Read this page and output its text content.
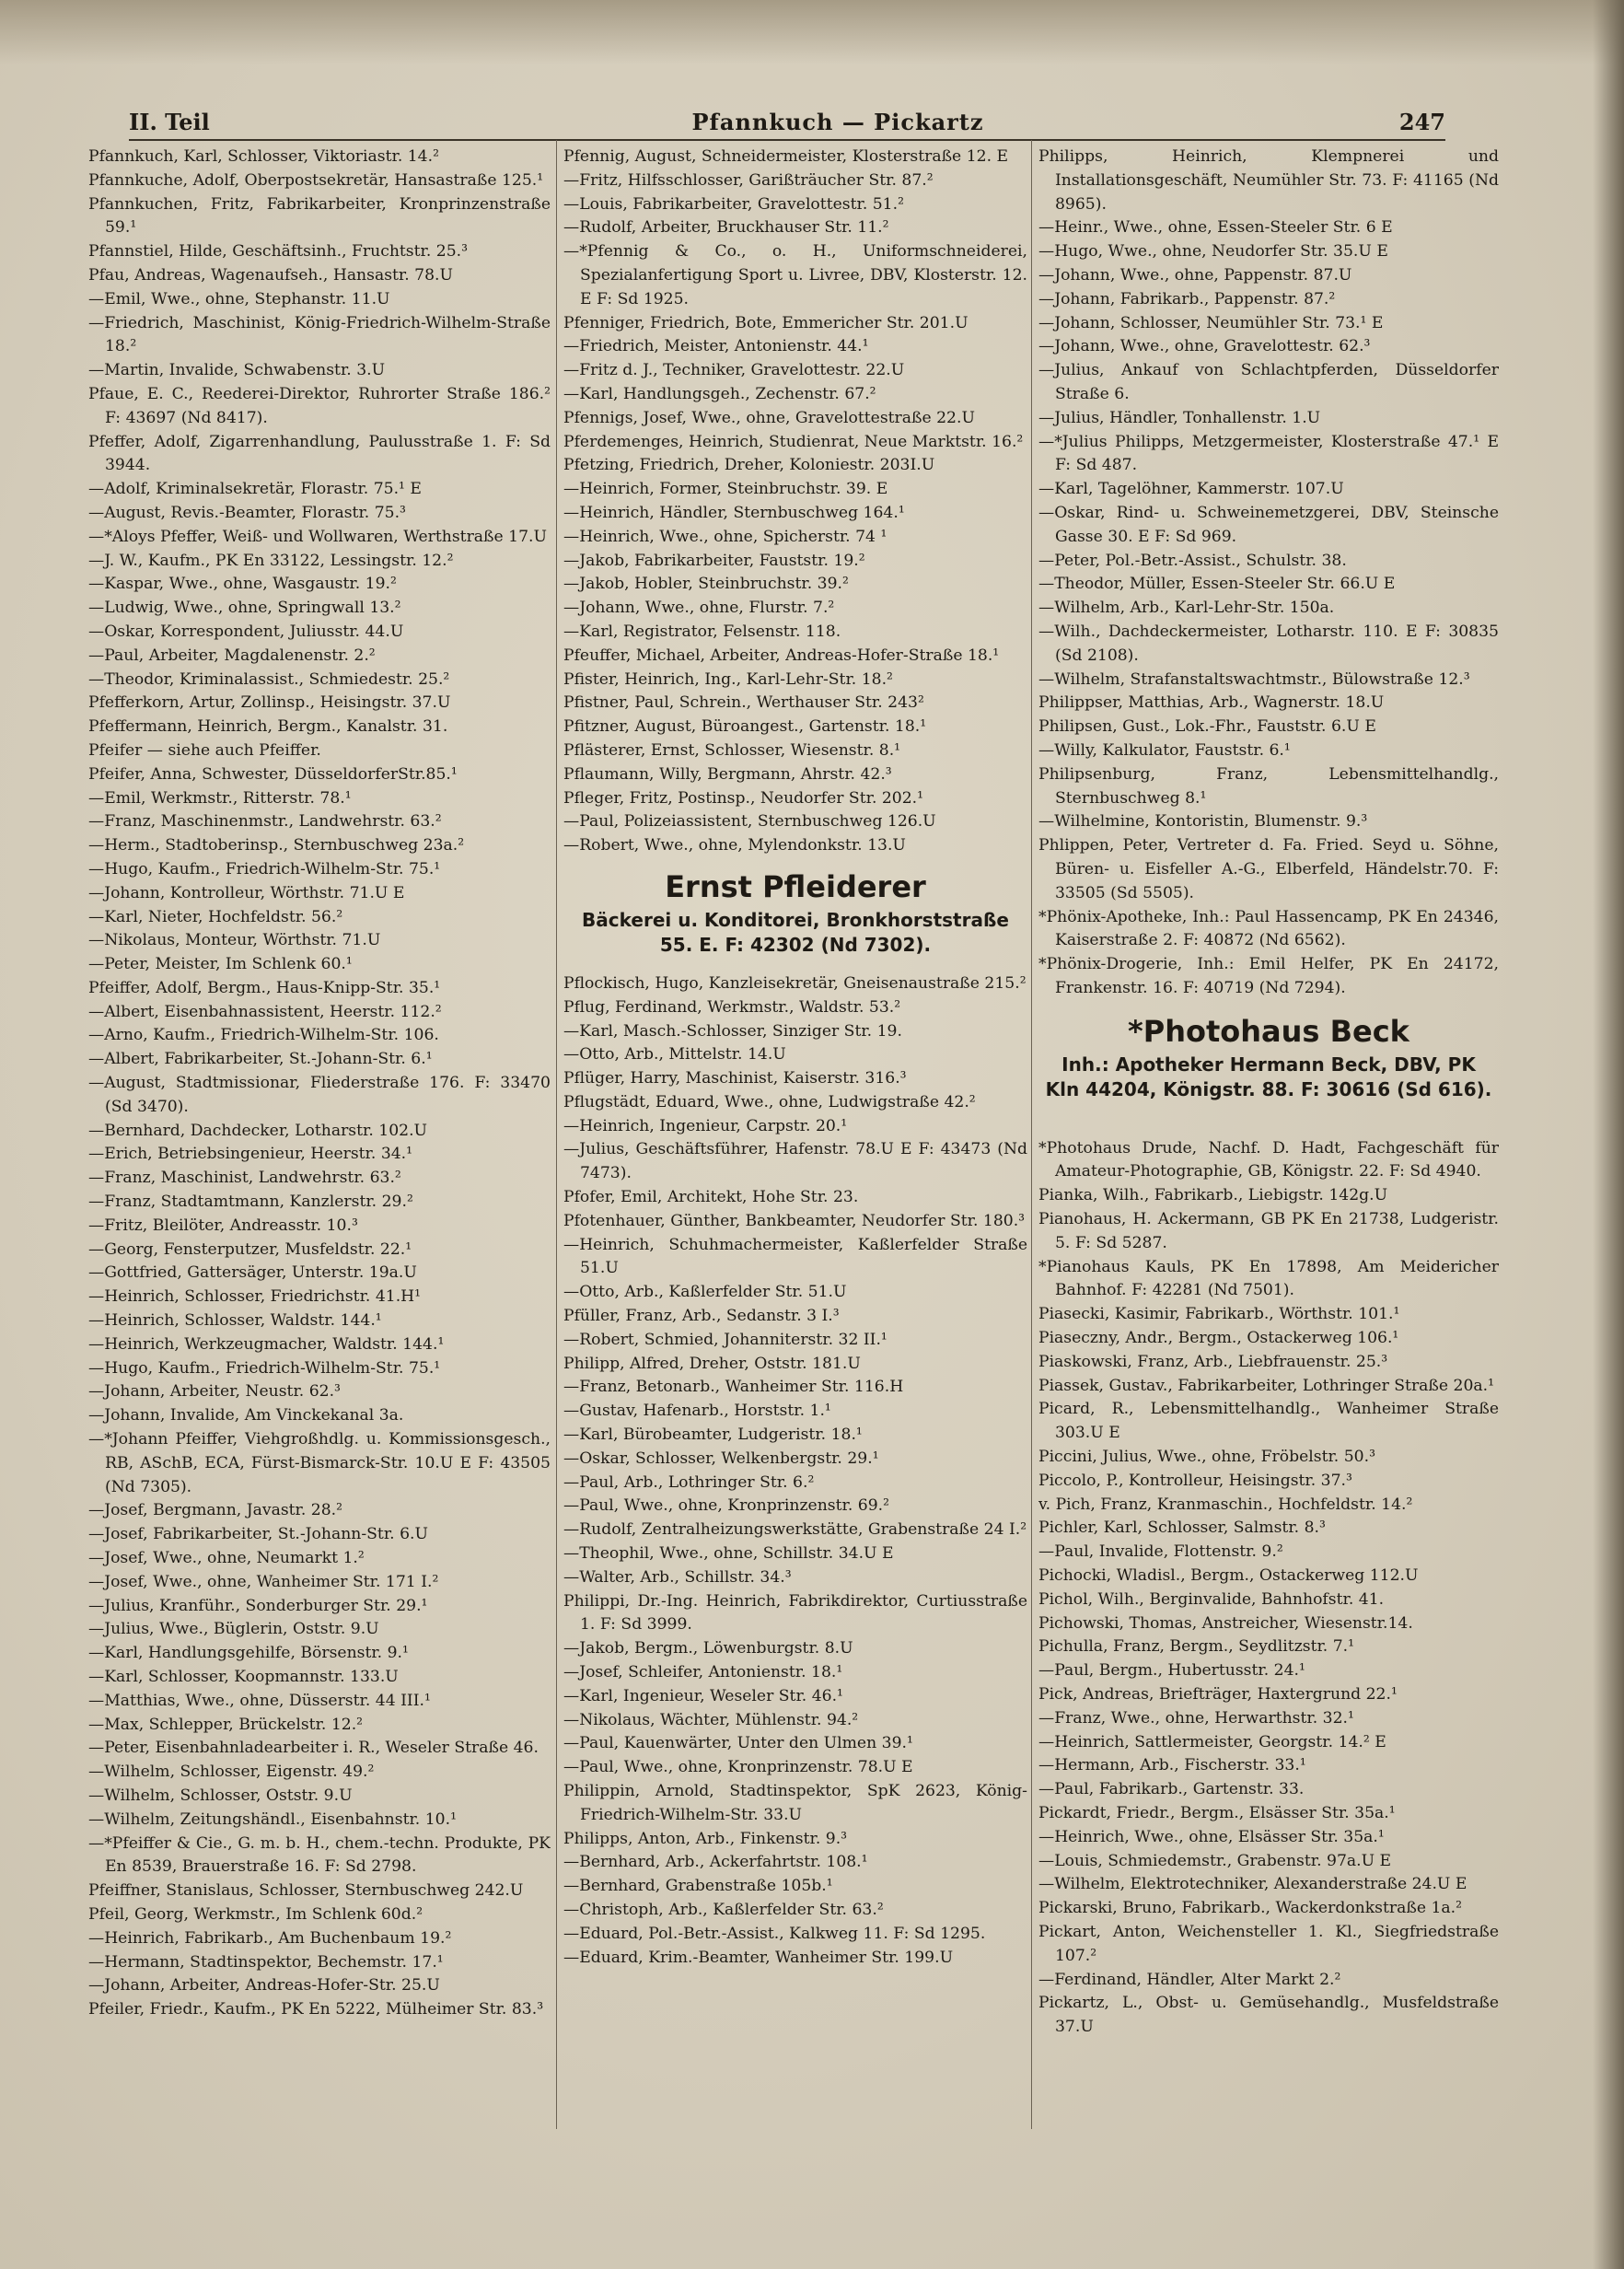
II. Teil	Pfannkuch — Pickartz	247

Pfannkuch, Karl, Schlosser, Viktoriastr. 14.²

Pfannkuche, Adolf, Oberpostsekretär, Hansastraße 125.¹

Pfannkuchen, Fritz, Fabrikarbeiter, Kronprinzenstraße 59.¹

Pfannstiel, Hilde, Geschäftsinh., Fruchtstr. 25.³

Pfau, Andreas, Wagenaufseh., Hansastr. 78.U

—Emil, Wwe., ohne, Stephanstr. 11.U

—Friedrich, Maschinist, König-Friedrich-Wilhelm-Straße 18.²

—Martin, Invalide, Schwabenstr. 3.U

Pfaue, E. C., Reederei-Direktor, Ruhrorter Straße 186.² F: 43697 (Nd 8417).

Pfeffer, Adolf, Zigarrenhandlung, Paulusstraße 1. F: Sd 3944.

—Adolf, Kriminalsekretär, Florastr. 75.¹ E

—August, Revis.-Beamter, Florastr. 75.³

—*Aloys Pfeffer, Weiß- und Wollwaren, Werthstraße 17.U

—J. W., Kaufm., PK En 33122, Lessingstr. 12.²

—Kaspar, Wwe., ohne, Wasgaustr. 19.²

—Ludwig, Wwe., ohne, Springwall 13.²

—Oskar, Korrespondent, Juliusstr. 44.U

—Paul, Arbeiter, Magdalenenstr. 2.²

—Theodor, Kriminalassist., Schmiedestr. 25.²

Pfefferkorn, Artur, Zollinsp., Heisingstr. 37.U

Pfeffermann, Heinrich, Bergm., Kanalstr. 31.

Pfeifer — siehe auch Pfeiffer.

Pfeifer, Anna, Schwester, DüsseldorferStr.85.¹

—Emil, Werkmstr., Ritterstr. 78.¹

—Franz, Maschinenmstr., Landwehrstr. 63.²

—Herm., Stadtoberinsp., Sternbuschweg 23a.²

—Hugo, Kaufm., Friedrich-Wilhelm-Str. 75.¹

—Johann, Kontrolleur, Wörthstr. 71.U E

—Karl, Nieter, Hochfeldstr. 56.²

—Nikolaus, Monteur, Wörthstr. 71.U

—Peter, Meister, Im Schlenk 60.¹

Pfeiffer, Adolf, Bergm., Haus-Knipp-Str. 35.¹

—Albert, Eisenbahnassistent, Heerstr. 112.²

—Arno, Kaufm., Friedrich-Wilhelm-Str. 106.

—Albert, Fabrikarbeiter, St.-Johann-Str. 6.¹

—August, Stadtmissionar, Fliederstraße 176. F: 33470 (Sd 3470).

—Bernhard, Dachdecker, Lotharstr. 102.U

—Erich, Betriebsingenieur, Heerstr. 34.¹

—Franz, Maschinist, Landwehrstr. 63.²

—Franz, Stadtamtmann, Kanzlerstr. 29.²

—Fritz, Bleilöter, Andreasstr. 10.³

—Georg, Fensterputzer, Musfeldstr. 22.¹

—Gottfried, Gattersäger, Unterstr. 19a.U

—Heinrich, Schlosser, Friedrichstr. 41.H¹

—Heinrich, Schlosser, Waldstr. 144.¹

—Heinrich, Werkzeugmacher, Waldstr. 144.¹

—Hugo, Kaufm., Friedrich-Wilhelm-Str. 75.¹

—Johann, Arbeiter, Neustr. 62.³

—Johann, Invalide, Am Vinckekanal 3a.

—*Johann Pfeiffer, Viehgroßhdlg. u. Kommissionsgesch., RB, ASchB, ECA, Fürst-Bismarck-Str. 10.U E F: 43505 (Nd 7305).

—Josef, Bergmann, Javastr. 28.²

—Josef, Fabrikarbeiter, St.-Johann-Str. 6.U

—Josef, Wwe., ohne, Neumarkt 1.²

—Josef, Wwe., ohne, Wanheimer Str. 171 I.²

—Julius, Kranführ., Sonderburger Str. 29.¹

—Julius, Wwe., Büglerin, Oststr. 9.U

—Karl, Handlungsgehilfe, Börsenstr. 9.¹

—Karl, Schlosser, Koopmannstr. 133.U

—Matthias, Wwe., ohne, Düsserstr. 44 III.¹

—Max, Schlepper, Brückelstr. 12.²

—Peter, Eisenbahnladearbeiter i. R., Weseler Straße 46.

—Wilhelm, Schlosser, Eigenstr. 49.²

—Wilhelm, Schlosser, Oststr. 9.U

—Wilhelm, Zeitungshändl., Eisenbahnstr. 10.¹

—*Pfeiffer & Cie., G. m. b. H., chem.-techn. Produkte, PK En 8539, Brauerstraße 16. F: Sd 2798.

Pfeiffner, Stanislaus, Schlosser, Sternbuschweg 242.U

Pfeil, Georg, Werkmstr., Im Schlenk 60d.²

—Heinrich, Fabrikarb., Am Buchenbaum 19.²

—Hermann, Stadtinspektor, Bechemstr. 17.¹

—Johann, Arbeiter, Andreas-Hofer-Str. 25.U

Pfeiler, Friedr., Kaufm., PK En 5222, Mülheimer Str. 83.³

Pfennig, August, Schneidermeister, Klosterstraße 12. E

—Fritz, Hilfsschlosser, Garißträucher Str. 87.²

—Louis, Fabrikarbeiter, Gravelottestr. 51.²

—Rudolf, Arbeiter, Bruckhauser Str. 11.²

—*Pfennig & Co., o. H., Uniformschneiderei, Spezialanfertigung Sport u. Livree, DBV, Klosterstr. 12. E F: Sd 1925.

Pfenniger, Friedrich, Bote, Emmericher Str. 201.U

—Friedrich, Meister, Antonienstr. 44.¹

—Fritz d. J., Techniker, Gravelottestr. 22.U

—Karl, Handlungsgeh., Zechenstr. 67.²

Pfennigs, Josef, Wwe., ohne, Gravelottestraße 22.U

Pferdemenges, Heinrich, Studienrat, Neue Marktstr. 16.²

Pfetzing, Friedrich, Dreher, Koloniestr. 203I.U

—Heinrich, Former, Steinbruchstr. 39. E

—Heinrich, Händler, Sternbuschweg 164.¹

—Heinrich, Wwe., ohne, Spicherstr. 74 ¹

—Jakob, Fabrikarbeiter, Fauststr. 19.²

—Jakob, Hobler, Steinbruchstr. 39.²

—Johann, Wwe., ohne, Flurstr. 7.²

—Karl, Registrator, Felsenstr. 118.

Pfeuffer, Michael, Arbeiter, Andreas-Hofer-Straße 18.¹

Pfister, Heinrich, Ing., Karl-Lehr-Str. 18.²

Pfistner, Paul, Schrein., Werthauser Str. 243²

Pfitzner, August, Büroangest., Gartenstr. 18.¹

Pflästerer, Ernst, Schlosser, Wiesenstr. 8.¹

Pflaumann, Willy, Bergmann, Ahrstr. 42.³

Pfleger, Fritz, Postinsp., Neudorfer Str. 202.¹

—Paul, Polizeiassistent, Sternbuschweg 126.U

—Robert, Wwe., ohne, Mylendonkstr. 13.U

Ernst Pfleiderer
Bäckerei u. Konditorei, Bronkhorststraße 55. E. F: 42302 (Nd 7302).

Pflockisch, Hugo, Kanzleisekretär, Gneisenaustraße 215.²

Pflug, Ferdinand, Werkmstr., Waldstr. 53.²

—Karl, Masch.-Schlosser, Sinziger Str. 19.

—Otto, Arb., Mittelstr. 14.U

Pflüger, Harry, Maschinist, Kaiserstr. 316.³

Pflugstädt, Eduard, Wwe., ohne, Ludwigstraße 42.²

—Heinrich, Ingenieur, Carpstr. 20.¹

—Julius, Geschäftsführer, Hafenstr. 78.U E F: 43473 (Nd 7473).

Pfofer, Emil, Architekt, Hohe Str. 23.

Pfotenhauer, Günther, Bankbeamter, Neudorfer Str. 180.³

—Heinrich, Schuhmachermeister, Kaßlerfelder Straße 51.U

—Otto, Arb., Kaßlerfelder Str. 51.U

Pfüller, Franz, Arb., Sedanstr. 3 I.³

—Robert, Schmied, Johanniterstr. 32 II.¹

Philipp, Alfred, Dreher, Oststr. 181.U

—Franz, Betonarb., Wanheimer Str. 116.H

—Gustav, Hafenarb., Horststr. 1.¹

—Karl, Bürobeamter, Ludgeristr. 18.¹

—Oskar, Schlosser, Welkenbergstr. 29.¹

—Paul, Arb., Lothringer Str. 6.²

—Paul, Wwe., ohne, Kronprinzenstr. 69.²

—Rudolf, Zentralheizungswerkstätte, Grabenstraße 24 I.²

—Theophil, Wwe., ohne, Schillstr. 34.U E

—Walter, Arb., Schillstr. 34.³

Philippi, Dr.-Ing. Heinrich, Fabrikdirektor, Curtiusstraße 1. F: Sd 3999.

—Jakob, Bergm., Löwenburgstr. 8.U

—Josef, Schleifer, Antonienstr. 18.¹

—Karl, Ingenieur, Weseler Str. 46.¹

—Nikolaus, Wächter, Mühlenstr. 94.²

—Paul, Kauenwärter, Unter den Ulmen 39.¹

—Paul, Wwe., ohne, Kronprinzenstr. 78.U E

Philippin, Arnold, Stadtinspektor, SpK 2623, König-Friedrich-Wilhelm-Str. 33.U

Philipps, Anton, Arb., Finkenstr. 9.³

—Bernhard, Arb., Ackerfahrtstr. 108.¹

—Bernhard, Grabenstraße 105b.¹

—Christoph, Arb., Kaßlerfelder Str. 63.²

—Eduard, Pol.-Betr.-Assist., Kalkweg 11. F: Sd 1295.

—Eduard, Krim.-Beamter, Wanheimer Str. 199.U

Philipps, Heinrich, Klempnerei und Installationsgeschäft, Neumühler Str. 73. F: 41165 (Nd 8965).

—Heinr., Wwe., ohne, Essen-Steeler Str. 6 E

—Hugo, Wwe., ohne, Neudorfer Str. 35.U E

—Johann, Wwe., ohne, Pappenstr. 87.U

—Johann, Fabrikarb., Pappenstr. 87.²

—Johann, Schlosser, Neumühler Str. 73.¹ E

—Johann, Wwe., ohne, Gravelottestr. 62.³

—Julius, Ankauf von Schlachtpferden, Düsseldorfer Straße 6.

—Julius, Händler, Tonhallenstr. 1.U

—*Julius Philipps, Metzgermeister, Klosterstraße 47.¹ E F: Sd 487.

—Karl, Tagelöhner, Kammerstr. 107.U

—Oskar, Rind- u. Schweinemetzgerei, DBV, Steinsche Gasse 30. E F: Sd 969.

—Peter, Pol.-Betr.-Assist., Schulstr. 38.

—Theodor, Müller, Essen-Steeler Str. 66.U E

—Wilhelm, Arb., Karl-Lehr-Str. 150a.

—Wilh., Dachdeckermeister, Lotharstr. 110. E F: 30835 (Sd 2108).

—Wilhelm, Strafanstaltswachtmstr., Bülowstraße 12.³

Philippser, Matthias, Arb., Wagnerstr. 18.U

Philipsen, Gust., Lok.-Fhr., Fauststr. 6.U E

—Willy, Kalkulator, Fauststr. 6.¹

Philipsenburg, Franz, Lebensmittelhandlg., Sternbuschweg 8.¹

—Wilhelmine, Kontoristin, Blumenstr. 9.³

Phlippen, Peter, Vertreter d. Fa. Fried. Seyd u. Söhne, Büren- u. Eisfeller A.-G., Elberfeld, Händelstr.70. F: 33505 (Sd 5505).

*Phönix-Apotheke, Inh.: Paul Hassencamp, PK En 24346, Kaiserstraße 2. F: 40872 (Nd 6562).

*Phönix-Drogerie, Inh.: Emil Helfer, PK En 24172, Frankenstr. 16. F: 40719 (Nd 7294).

*Photohaus Beck
Inh.: Apotheker Hermann Beck, DBV, PK Kln 44204, Königstr. 88. F: 30616 (Sd 616).

*Photohaus Drude, Nachf. D. Hadt, Fachgeschäft für Amateur-Photographie, GB, Königstr. 22. F: Sd 4940.

Pianka, Wilh., Fabrikarb., Liebigstr. 142g.U

Pianohaus, H. Ackermann, GB PK En 21738, Ludgeristr. 5. F: Sd 5287.

*Pianohaus Kauls, PK En 17898, Am Meidericher Bahnhof. F: 42281 (Nd 7501).

Piasecki, Kasimir, Fabrikarb., Wörthstr. 101.¹

Piaseczny, Andr., Bergm., Ostackerweg 106.¹

Piaskowski, Franz, Arb., Liebfrauenstr. 25.³

Piassek, Gustav., Fabrikarbeiter, Lothringer Straße 20a.¹

Picard, R., Lebensmittelhandlg., Wanheimer Straße 303.U E

Piccini, Julius, Wwe., ohne, Fröbelstr. 50.³

Piccolo, P., Kontrolleur, Heisingstr. 37.³

v. Pich, Franz, Kranmaschin., Hochfeldstr. 14.²

Pichler, Karl, Schlosser, Salmstr. 8.³

—Paul, Invalide, Flottenstr. 9.²

Pichocki, Wladisl., Bergm., Ostackerweg 112.U

Pichol, Wilh., Berginvalide, Bahnhofstr. 41.

Pichowski, Thomas, Anstreicher, Wiesenstr.14.

Pichulla, Franz, Bergm., Seydlitzstr. 7.¹

—Paul, Bergm., Hubertusstr. 24.¹

Pick, Andreas, Briefträger, Haxtergrund 22.¹

—Franz, Wwe., ohne, Herwarthstr. 32.¹

—Heinrich, Sattlermeister, Georgstr. 14.² E

—Hermann, Arb., Fischerstr. 33.¹

—Paul, Fabrikarb., Gartenstr. 33.

Pickardt, Friedr., Bergm., Elsässer Str. 35a.¹

—Heinrich, Wwe., ohne, Elsässer Str. 35a.¹

—Louis, Schmiedemstr., Grabenstr. 97a.U E

—Wilhelm, Elektrotechniker, Alexanderstraße 24.U E

Pickarski, Bruno, Fabrikarb., Wackerdonkstraße 1a.²

Pickart, Anton, Weichensteller 1. Kl., Siegfriedstraße 107.²

—Ferdinand, Händler, Alter Markt 2.²

Pickartz, L., Obst- u. Gemüsehandlg., Musfeldstraße 37.U
